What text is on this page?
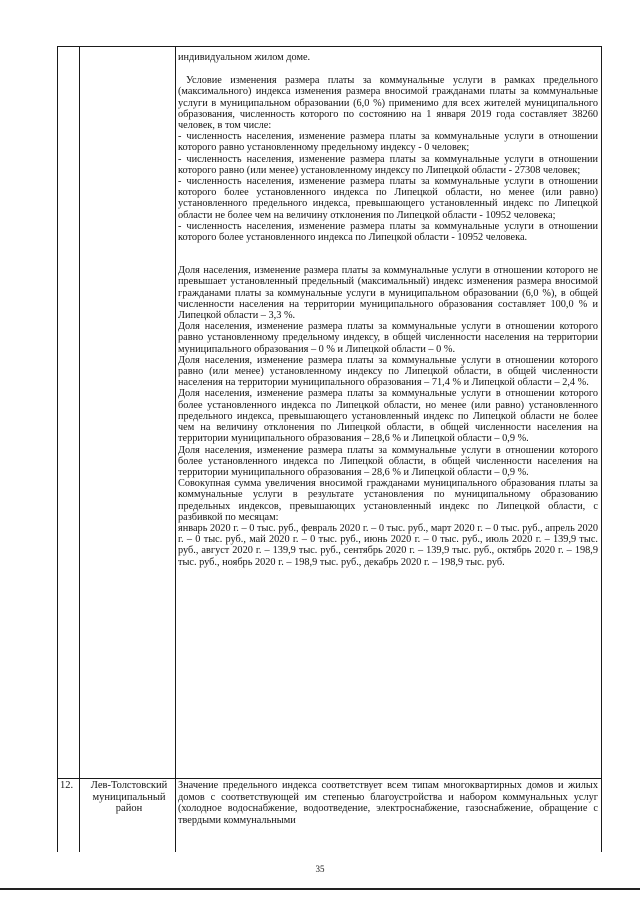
индивидуальном жилом доме.

Условие изменения размера платы за коммунальные услуги в рамках предельного (максимального) индекса изменения размера вносимой гражданами платы за коммунальные услуги в муниципальном образовании (6,0 %) применимо для всех жителей муниципального образования, численность которого по состоянию на 1 января 2019 года составляет 38260 человек, в том числе:

- численность населения, изменение размера платы за коммунальные услуги в отношении которого равно установленному предельному индексу - 0 человек;

- численность населения, изменение размера платы за коммунальные услуги в отношении которого равно (или менее) установленному индексу по Липецкой области - 27308 человек;

- численность населения, изменение размера платы за коммунальные услуги в отношении которого более установленного индекса по Липецкой области, но менее (или равно) установленного предельного индекса, превышающего установленный индекс по Липецкой области не более чем на величину отклонения по Липецкой области - 10952 человека;

- численность населения, изменение размера платы за коммунальные услуги в отношении которого более установленного индекса по Липецкой области - 10952 человека.

Доля населения, изменение размера платы за коммунальные услуги в отношении которого не превышает установленный предельный (максимальный) индекс изменения размера вносимой гражданами платы за коммунальные услуги в муниципальном образовании (6,0 %), в общей численности населения на территории муниципального образования составляет 100,0 % и Липецкой области – 3,3 %.

Доля населения, изменение размера платы за коммунальные услуги в отношении которого равно установленному предельному индексу, в общей численности населения на территории муниципального образования – 0 % и Липецкой области – 0 %.

Доля населения, изменение размера платы за коммунальные услуги в отношении которого равно (или менее) установленному индексу по Липецкой области, в общей численности населения на территории муниципального образования – 71,4 % и Липецкой области – 2,4 %.

Доля населения, изменение размера платы за коммунальные услуги в отношении которого более установленного индекса по Липецкой области, но менее (или равно) установленного предельного индекса, превышающего установленный индекс по Липецкой области не более чем на величину отклонения по Липецкой области, в общей численности населения на территории муниципального образования – 28,6 % и Липецкой области – 0,9 %.

Доля населения, изменение размера платы за коммунальные услуги в отношении которого более установленного индекса по Липецкой области, в общей численности населения на территории муниципального образования – 28,6 % и Липецкой области – 0,9 %.

Совокупная сумма увеличения вносимой гражданами муниципального образования платы за коммунальные услуги в результате установления по муниципальному образованию предельных индексов, превышающих установленный индекс по Липецкой области, с разбивкой по месяцам:

январь 2020 г. – 0 тыс. руб., февраль 2020 г. – 0 тыс. руб., март 2020 г. – 0 тыс. руб., апрель 2020 г. – 0 тыс. руб., май 2020 г. – 0 тыс. руб., июнь 2020 г. – 0 тыс. руб., июль 2020 г. – 139,9 тыс. руб., август 2020 г. – 139,9 тыс. руб., сентябрь 2020 г. – 139,9 тыс. руб., октябрь 2020 г. – 198,9 тыс. руб., ноябрь 2020 г. – 198,9 тыс. руб., декабрь 2020 г. – 198,9 тыс. руб.

12.	Лев-Толстовский муниципальный район
Значение предельного индекса соответствует всем типам многоквартирных домов и жилых домов с соответствующей им степенью благоустройства и набором коммунальных услуг (холодное водоснабжение, водоотведение, электроснабжение, газоснабжение, обращение с твердыми коммунальными
35
